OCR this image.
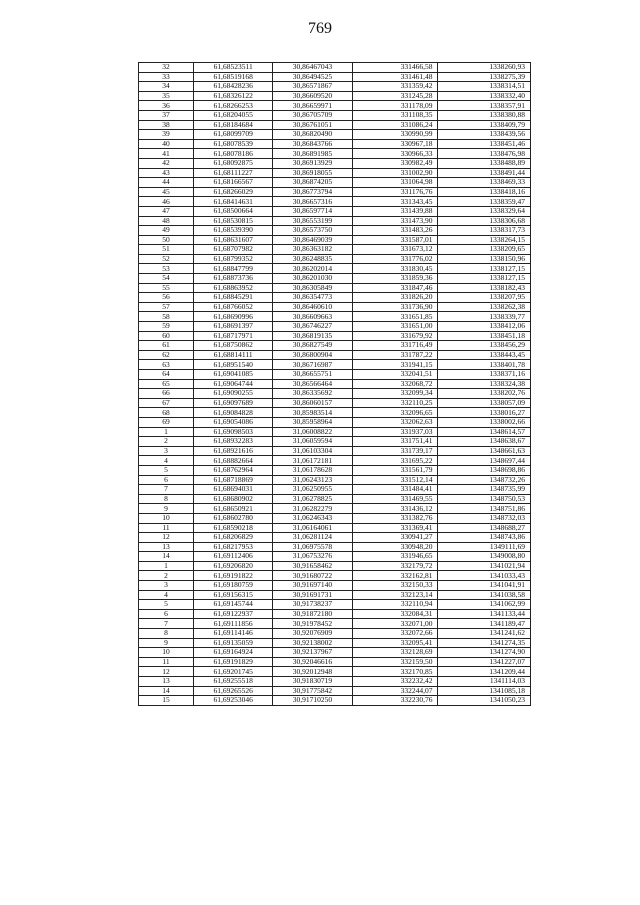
769
32	61,68523511	30,86467043	331466,58	1338260,93
33	61,68519168	30,86494525	331461,48	1338275,39
34	61,68428236	30,86571867	331359,42	1338314,51
35	61,68326122	30,86609520	331245,28	1338332,40
36	61,68266253	30,86659971	331178,09	1338357,91
37	61,68204055	30,86705709	331108,35	1338380,88
38	61,68184684	30,86761051	331086,24	1338409,79
39	61,68099709	30,86820490	330990,99	1338439,56
40	61,68078539	30,86843766	330967,18	1338451,46
41	61,68078186	30,86891985	330966,33	1338476,98
42	61,68092875	30,86913929	330982,49	1338488,89
43	61,68111227	30,86918055	331002,90	1338491,44
44	61,68166567	30,86874205	331064,98	1338469,33
45	61,68266029	30,86773794	331176,76	1338418,16
46	61,68414631	30,86657316	331343,45	1338359,47
47	61,68500664	30,86597714	331439,88	1338329,64
48	61,68530815	30,86553199	331473,90	1338306,68
49	61,68539390	30,86573750	331483,26	1338317,73
50	61,68631607	30,86469039	331587,01	1338264,15
51	61,68707982	30,86363182	331673,12	1338209,65
52	61,68799352	30,86248835	331776,02	1338150,96
53	61,68847799	30,86202014	331830,45	1338127,15
54	61,68873736	30,86201030	331859,36	1338127,15
55	61,68863952	30,86305849	331847,46	1338182,43
56	61,68845291	30,86354773	331826,20	1338207,95
57	61,68766052	30,86460610	331736,90	1338262,38
58	61,68690996	30,86609663	331651,85	1338339,77
59	61,68691397	30,86746227	331651,00	1338412,06
60	61,68717971	30,86819135	331679,92	1338451,18
61	61,68750862	30,86827549	331716,49	1338456,29
62	61,68814111	30,86800904	331787,22	1338443,45
63	61,68951540	30,86716987	331941,15	1338401,78
64	61,69041085	30,86655751	332041,51	1338371,16
65	61,69064744	30,86566464	332068,72	1338324,38
66	61,69090255	30,86335692	332099,34	1338202,76
67	61,69097689	30,86060157	332110,25	1338057,09
68	61,69084828	30,85983514	332096,65	1338016,27
69	61,69054086	30,85958964	332062,63	1338002,66
1	61,69098503	31,06008822	331937,03	1348614,57
2	61,68932283	31,06059594	331751,41	1348638,67
3	61,68921616	31,06103304	331739,17	1348661,63
4	61,68882664	31,06172181	331695,22	1348697,44
5	61,68762964	31,06178628	331561,79	1348698,86
6	61,68718869	31,06243123	331512,14	1348732,26
7	61,68694031	31,06250955	331484,41	1348735,99
8	61,68680902	31,06278825	331469,55	1348750,53
9	61,68650921	31,06282279	331436,12	1348751,86
10	61,68602780	31,06246343	331382,76	1348732,03
11	61,68590218	31,06164061	331369,41	1348688,27
12	61,68206829	31,06281124	330941,27	1348743,86
13	61,68217953	31,06975578	330948,20	1349111,69
14	61,69112406	31,06753276	331946,65	1349008,80
1	61,69206820	30,91658462	332179,72	1341021,94
2	61,69191822	30,91680722	332162,81	1341033,43
3	61,69180759	30,91697140	332150,33	1341041,91
4	61,69156315	30,91691731	332123,14	1341038,58
5	61,69145744	30,91738237	332110,94	1341062,99
6	61,69122937	30,91872180	332084,31	1341133,44
7	61,69111856	30,91978452	332071,00	1341189,47
8	61,69114146	30,92076909	332072,66	1341241,62
9	61,69135059	30,92138002	332095,41	1341274,35
10	61,69164924	30,92137967	332128,69	1341274,90
11	61,69191829	30,92046616	332159,50	1341227,07
12	61,69201745	30,92012948	332170,85	1341209,44
13	61,69255518	30,91830719	332232,42	1341114,03
14	61,69265526	30,91775842	332244,07	1341085,18
15	61,69253046	30,91710250	332230,76	1341050,23
